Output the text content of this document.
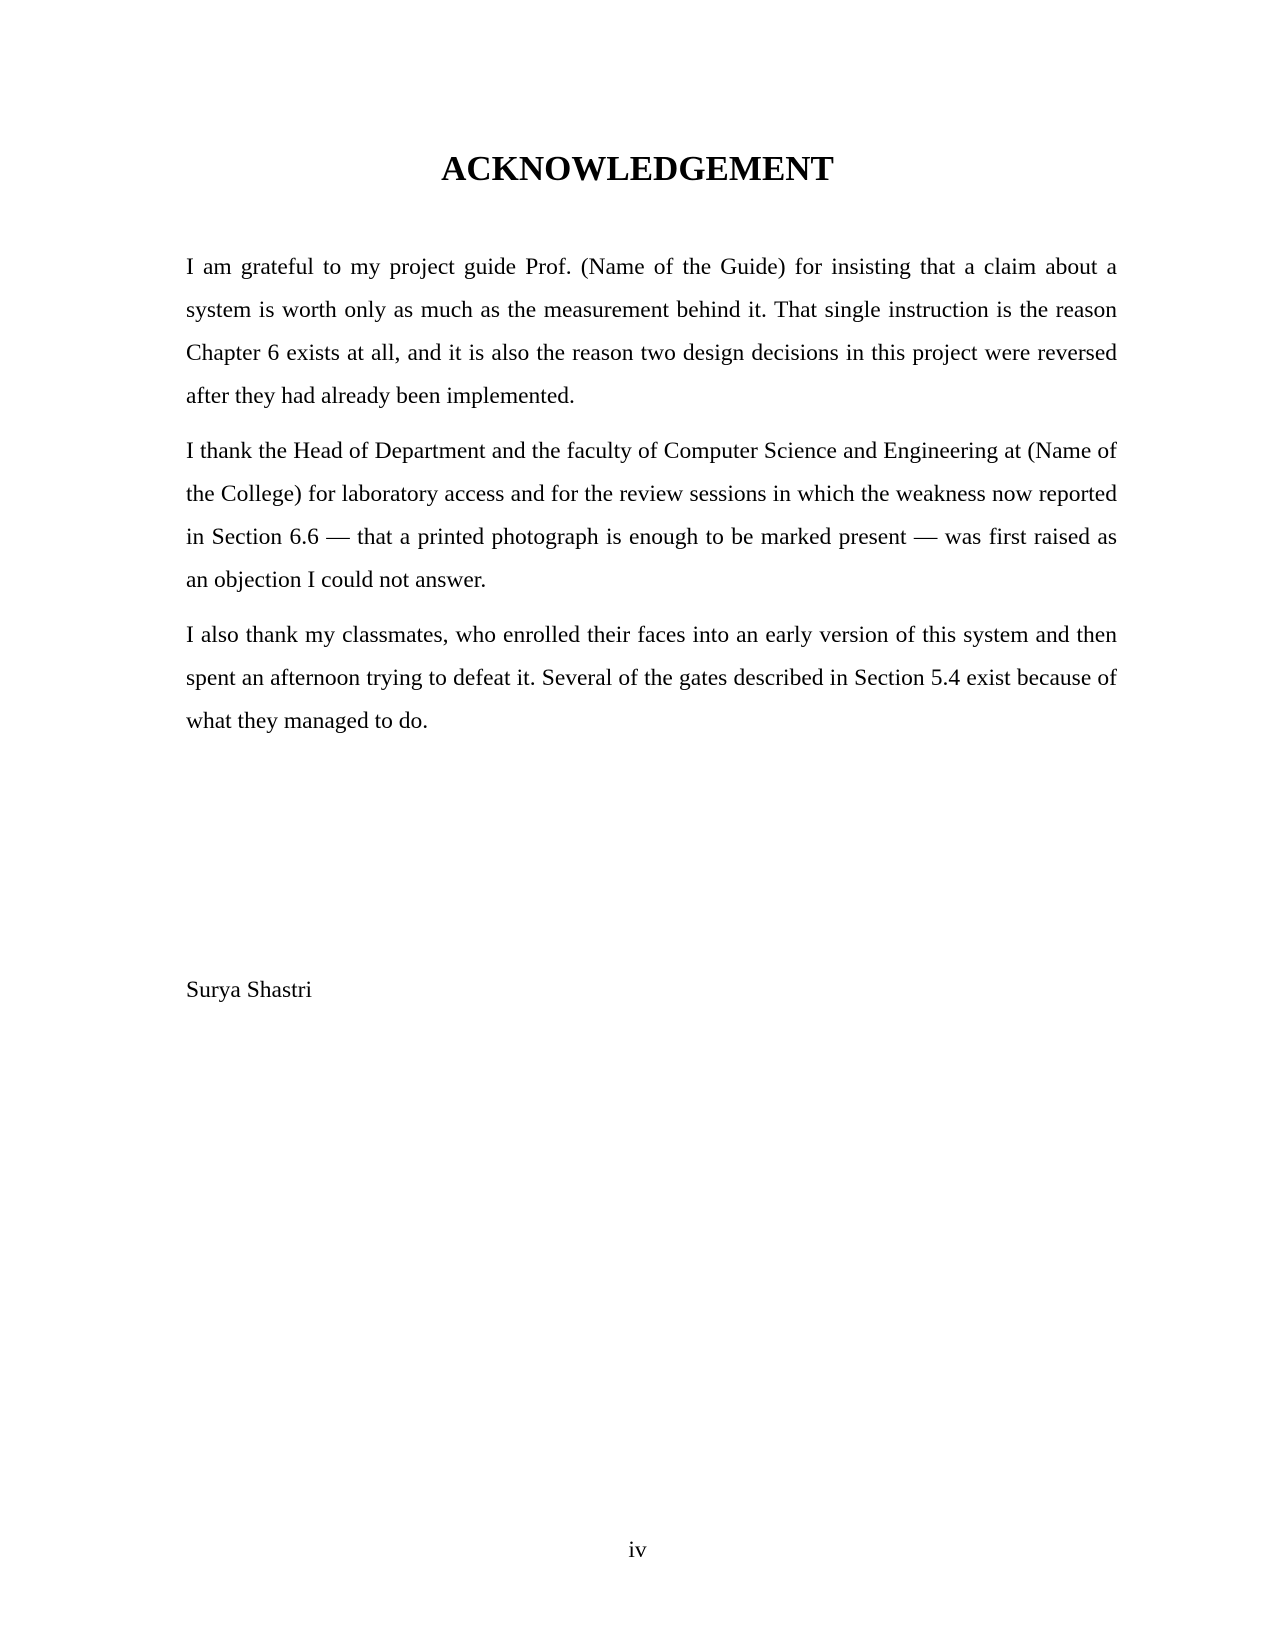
ACKNOWLEDGEMENT

I am grateful to my project guide Prof. (Name of the Guide) for insisting that a claim about a system is worth only as much as the measurement behind it. That single instruction is the reason Chapter 6 exists at all, and it is also the reason two design decisions in this project were reversed after they had already been implemented.

I thank the Head of Department and the faculty of Computer Science and Engineering at (Name of the College) for laboratory access and for the review sessions in which the weakness now reported in Section 6.6 — that a printed photograph is enough to be marked present — was first raised as an objection I could not answer.

I also thank my classmates, who enrolled their faces into an early version of this system and then spent an afternoon trying to defeat it. Several of the gates described in Section 5.4 exist because of what they managed to do.

Surya Shastri

iv
